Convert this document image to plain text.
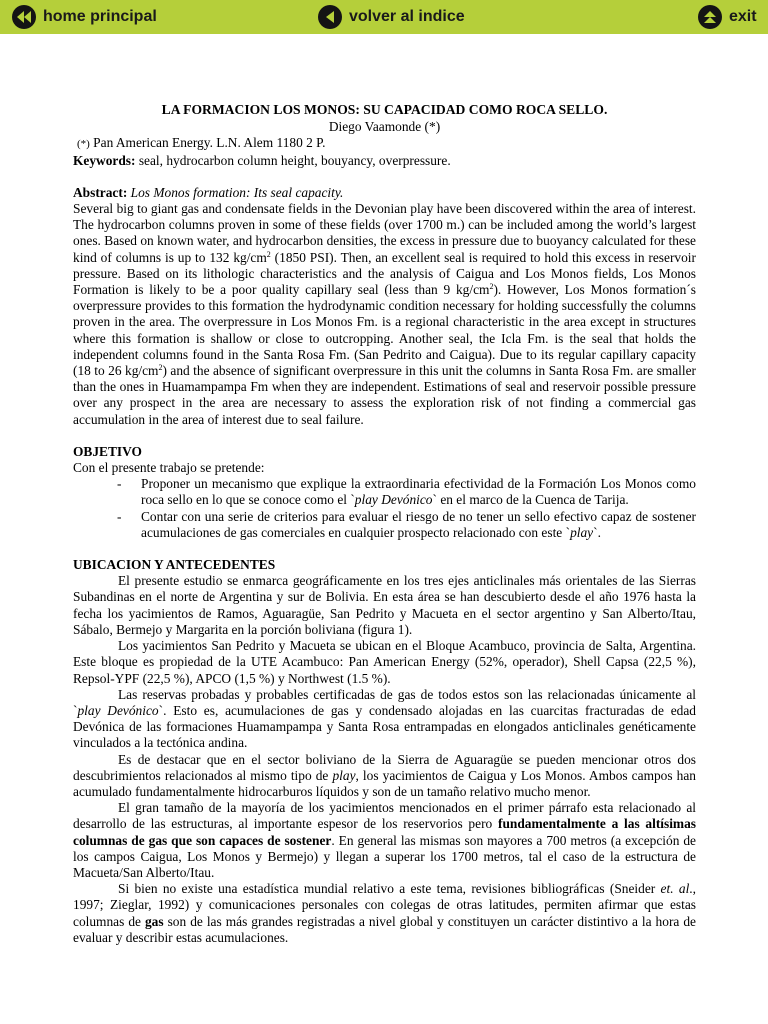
home principal	volver al indice	exit

LA FORMACION LOS MONOS: SU CAPACIDAD COMO ROCA SELLO.

Diego Vaamonde (*)

(*) Pan American Energy. L.N. Alem 1180 2 P.

Keywords: seal, hydrocarbon column height, bouyancy, overpressure.

Abstract: Los Monos formation: Its seal capacity.

Several big to giant gas and condensate fields in the Devonian play have been discovered within the area of interest. The hydrocarbon columns proven in some of these fields (over 1700 m.) can be included among the world’s largest ones. Based on known water, and hydrocarbon densities, the excess in pressure due to buoyancy calculated for these kind of columns is up to 132 $kg/cm^2$ (1850 PSI). Then, an excellent seal is required to hold this excess in reservoir pressure. Based on its lithologic characteristics and the analysis of Caigua and Los Monos fields, Los Monos Formation is likely to be a poor quality capillary seal (less than 9 $kg/cm^2$). However, Los Monos formation´s overpressure provides to this formation the hydrodynamic condition necessary for holding successfully the columns proven in the area. The overpressure in Los Monos Fm. is a regional characteristic in the area except in structures where this formation is shallow or close to outcropping. Another seal, the Icla Fm. is the seal that holds the independent columns found in the Santa Rosa Fm. (San Pedrito and Caigua). Due to its regular capillary capacity (18 to 26 $kg/cm^2$) and the absence of significant overpressure in this unit the columns in Santa Rosa Fm. are smaller than the ones in Huamampampa Fm when they are independent. Estimations of seal and reservoir possible pressure over any prospect in the area are necessary to assess the exploration risk of not finding a commercial gas accumulation in the area of interest due to seal failure.

OBJETIVO

Con el presente trabajo se pretende:

- Proponer un mecanismo que explique la extraordinaria efectividad de la Formación Los Monos como roca sello en lo que se conoce como el `play Devónico` en el marco de la Cuenca de Tarija.
- Contar con una serie de criterios para evaluar el riesgo de no tener un sello efectivo capaz de sostener acumulaciones de gas comerciales en cualquier prospecto relacionado con este `play`.

UBICACION Y ANTECEDENTES

El presente estudio se enmarca geográficamente en los tres ejes anticlinales más orientales de las Sierras Subandinas en el norte de Argentina y sur de Bolivia. En esta área se han descubierto desde el año 1976 hasta la fecha los yacimientos de Ramos, Aguaragüe, San Pedrito y Macueta en el sector argentino y San Alberto/Itau, Sábalo, Bermejo y Margarita en la porción boliviana (figura 1).

Los yacimientos San Pedrito y Macueta se ubican en el Bloque Acambuco, provincia de Salta, Argentina. Este bloque es propiedad de la UTE Acambuco: Pan American Energy (52%, operador), Shell Capsa (22,5 %), Repsol-YPF (22,5 %), APCO (1,5 %) y Northwest (1.5 %).

Las reservas probadas y probables certificadas de gas de todos estos son las relacionadas únicamente al `play Devónico`. Esto es, acumulaciones de gas y condensado alojadas en las cuarcitas fracturadas de edad Devónica de las formaciones Huamampampa y Santa Rosa entrampadas en elongados anticlinales genéticamente vinculados a la tectónica andina.

Es de destacar que en el sector boliviano de la Sierra de Aguaragüe se pueden mencionar otros dos descubrimientos relacionados al mismo tipo de play, los yacimientos de Caigua y Los Monos. Ambos campos han acumulado fundamentalmente hidrocarburos líquidos y son de un tamaño relativo mucho menor.

El gran tamaño de la mayoría de los yacimientos mencionados en el primer párrafo esta relacionado al desarrollo de las estructuras, al importante espesor de los reservorios pero fundamentalmente a las altísimas columnas de gas que son capaces de sostener. En general las mismas son mayores a 700 metros (a excepción de los campos Caigua, Los Monos y Bermejo) y llegan a superar los 1700 metros, tal el caso de la estructura de Macueta/San Alberto/Itau.

Si bien no existe una estadística mundial relativo a este tema, revisiones bibliográficas (Sneider et. al., 1997; Zieglar, 1992) y comunicaciones personales con colegas de otras latitudes, permiten afirmar que estas columnas de gas son de las más grandes registradas a nivel global y constituyen un carácter distintivo a la hora de evaluar y describir estas acumulaciones.
